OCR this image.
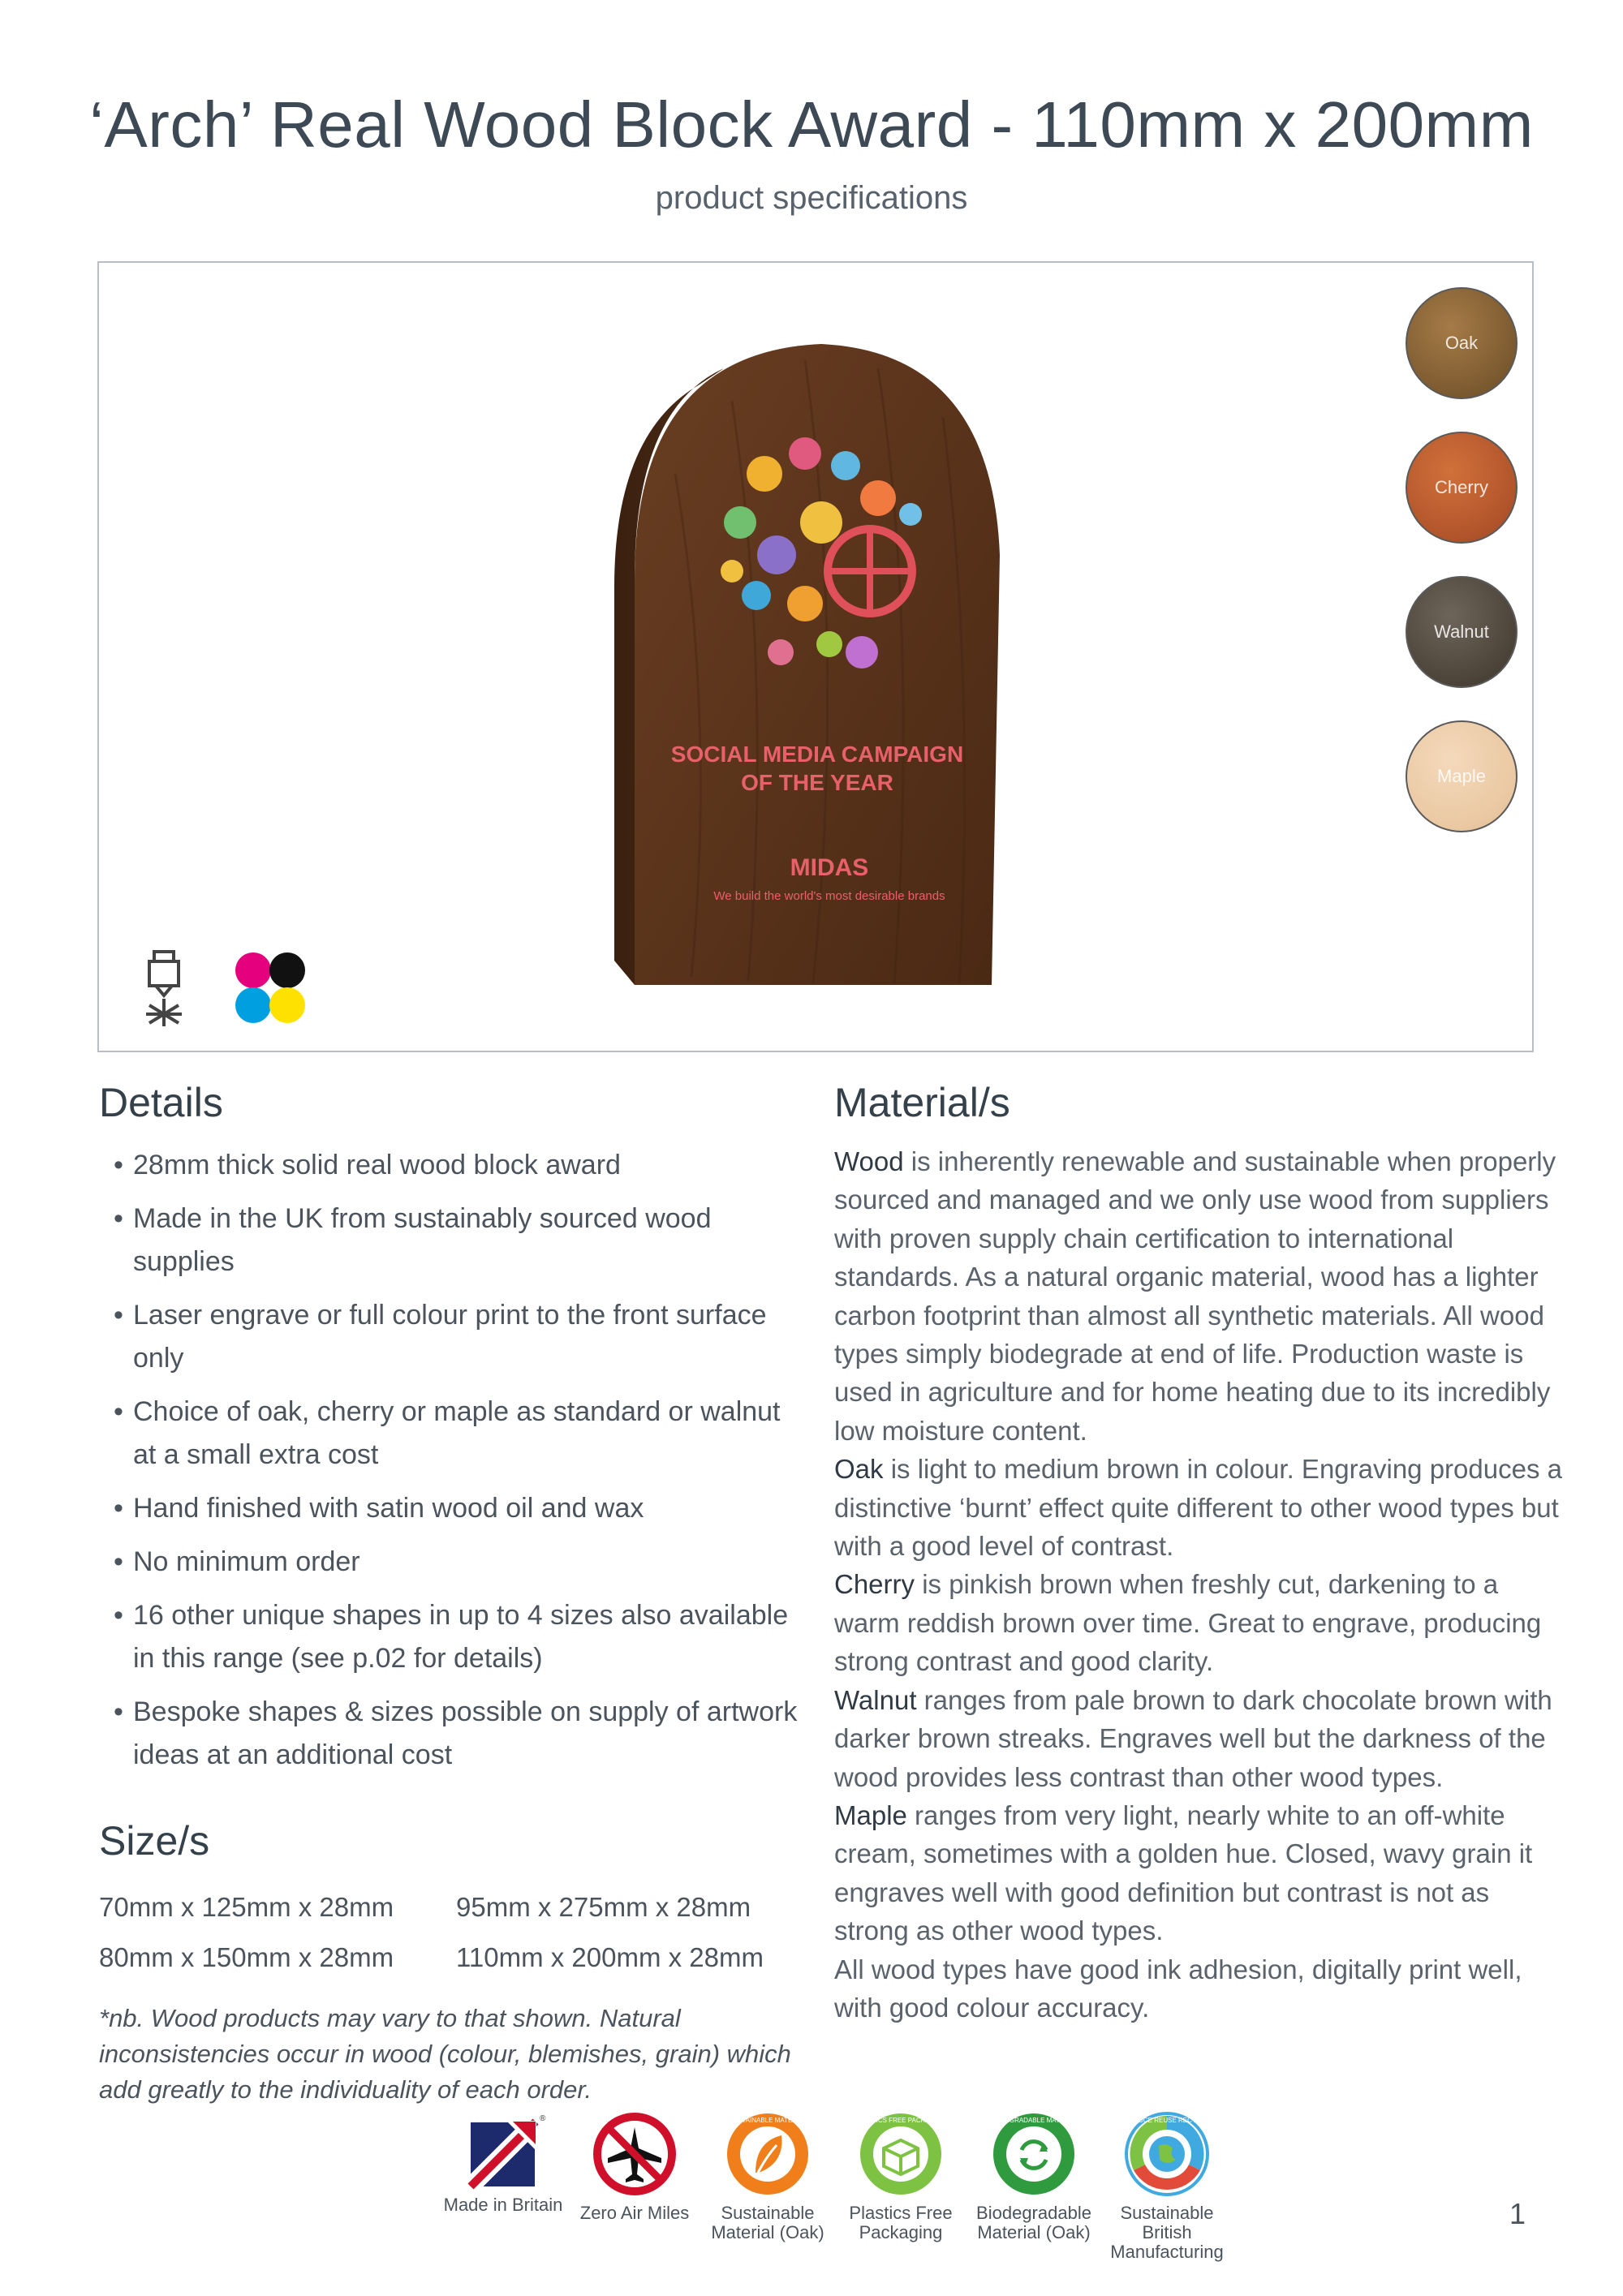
‘Arch’ Real Wood Block Award - 110mm x 200mm
product specifications
SOCIAL MEDIA CAMPAIGN
OF THE YEAR
MIDAS
We build the world's most desirable brands
Oak
Cherry
Walnut
Maple
Details
• 28mm thick solid real wood block award
• Made in the UK from sustainably sourced wood supplies
• Laser engrave or full colour print to the front surface only
• Choice of oak, cherry or maple as standard or walnut at a small extra cost
• Hand finished with satin wood oil and wax
• No minimum order
• 16 other unique shapes in up to 4 sizes also available in this range (see p.02 for details)
• Bespoke shapes & sizes possible on supply of artwork ideas at an additional cost
Size/s
70mm x 125mm x 28mm	95mm x 275mm x 28mm
80mm x 150mm x 28mm	110mm x 200mm x 28mm
*nb. Wood products may vary to that shown. Natural inconsistencies occur in wood (colour, blemishes, grain) which add greatly to the individuality of each order.
Material/s

Wood is inherently renewable and sustainable when properly sourced and managed and we only use wood from suppliers with proven supply chain certification to international standards. As a natural organic material, wood has a lighter carbon footprint than almost all synthetic materials. All wood types simply biodegrade at end of life. Production waste is used in agriculture and for home heating due to its incredibly low moisture content.

Oak is light to medium brown in colour. Engraving produces a distinctive ‘burnt’ effect quite different to other wood types but with a good level of contrast.

Cherry is pinkish brown when freshly cut, darkening to a warm reddish brown over time. Great to engrave, producing strong contrast and good clarity.

Walnut ranges from pale brown to dark chocolate brown with darker brown streaks. Engraves well but the darkness of the wood provides less contrast than other wood types.

Maple ranges from very light, nearly white to an off-white cream, sometimes with a golden hue. Closed, wavy grain it engraves well with good definition but contrast is not as strong as other wood types.

All wood types have good ink adhesion, digitally print well, with good colour accuracy.

®
Made in Britain Zero Air Miles
SUSTAINABLE MATERIAL
Sustainable Material (Oak)
PLASTICS FREE PACKAGING
Plastics Free Packaging
BIODEGRADABLE MATERIAL
Biodegradable Material (Oak)
REDUCE REUSE RECYCLE
Sustainable British Manufacturing
1
